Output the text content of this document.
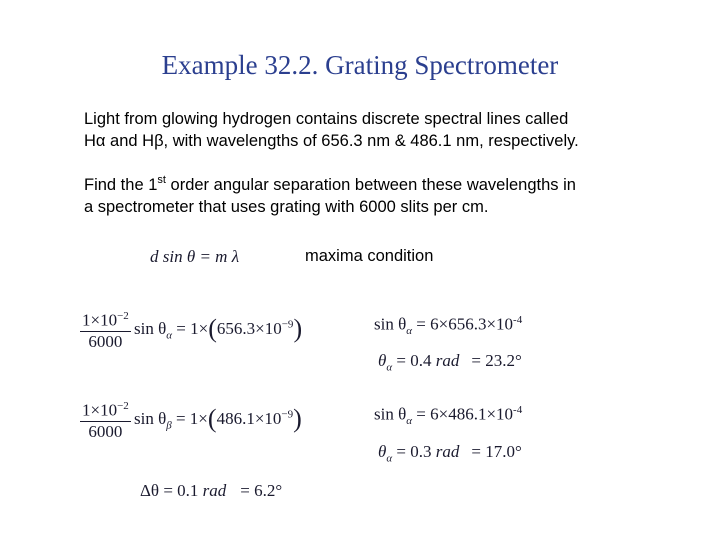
Example 32.2. Grating Spectrometer
Light from glowing hydrogen contains discrete spectral lines called
Hα and Hβ, with wavelengths of 656.3 nm & 486.1 nm, respectively.
Find the 1st order angular separation between these wavelengths in
a spectrometer that uses grating with 6000 slits per cm.
d sin θ = m λ	maxima condition
$\frac{1\times 10^{-2}}{6000}$ $\sin \theta_\alpha = 1\times(656.3\times 10^{-9})$	$\sin \theta_\alpha = 6\times 656.3\times 10^{-4}$
$\theta_\alpha = 0.4$ rad = 23.2°
$\frac{1\times 10^{-2}}{6000}$ $\sin \theta_\beta = 1\times(486.1\times 10^{-9})$	$\sin \theta_\alpha = 6\times 486.1\times 10^{-4}$
$\theta_\alpha = 0.3$ rad = 17.0°
Δθ = 0.1 rad = 6.2°
